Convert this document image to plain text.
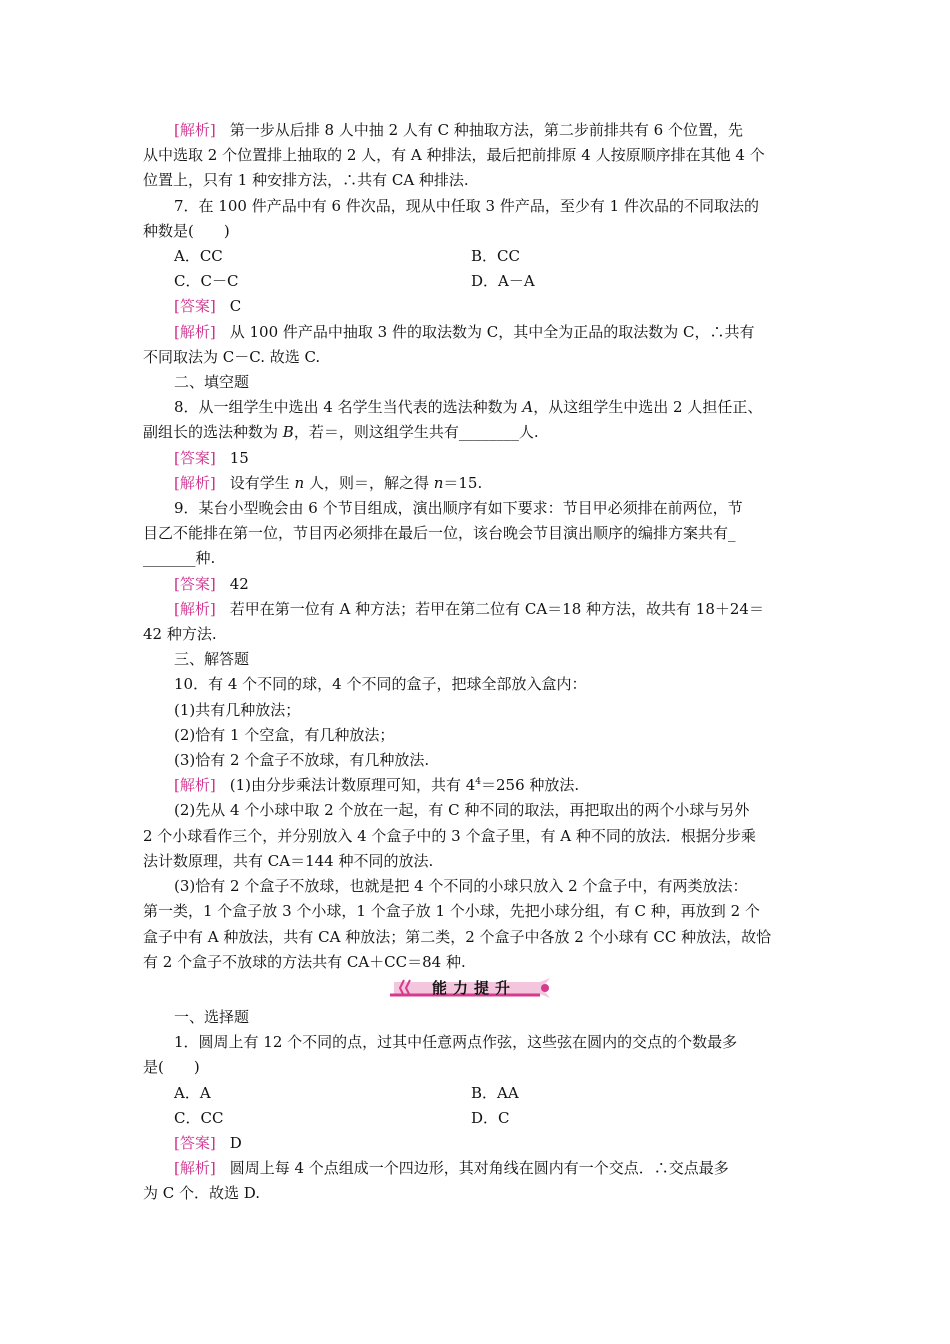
[解析] 第一步从后排 8 人中抽 2 人有 C 种抽取方法，第二步前排共有 6 个位置，先
从中选取 2 个位置排上抽取的 2 人，有 A 种排法，最后把前排原 4 人按原顺序排在其他 4 个
位置上，只有 1 种安排方法，∴共有 CA 种排法.
7．在 100 件产品中有 6 件次品，现从中任取 3 件产品，至少有 1 件次品的不同取法的
种数是(　　)
A．CC	B．CC
C．C－C	D．A－A
[答案] C
[解析] 从 100 件产品中抽取 3 件的取法数为 C，其中全为正品的取法数为 C，∴共有
不同取法为 C－C. 故选 C.
二、填空题
8．从一组学生中选出 4 名学生当代表的选法种数为 A，从这组学生中选出 2 人担任正、
副组长的选法种数为 B，若＝，则这组学生共有________人.
[答案] 15
[解析] 设有学生 n 人，则＝，解之得 n＝15.
9．某台小型晚会由 6 个节目组成，演出顺序有如下要求：节目甲必须排在前两位，节
目乙不能排在第一位，节目丙必须排在最后一位，该台晚会节目演出顺序的编排方案共有_
_______种.
[答案] 42
[解析] 若甲在第一位有 A 种方法；若甲在第二位有 CA＝18 种方法，故共有 18＋24＝
42 种方法.
三、解答题
10．有 4 个不同的球，4 个不同的盒子，把球全部放入盒内：
(1)共有几种放法；
(2)恰有 1 个空盒，有几种放法；
(3)恰有 2 个盒子不放球，有几种放法.
[解析] (1)由分步乘法计数原理可知，共有 $4^4=256$ 种放法.
(2)先从 4 个小球中取 2 个放在一起，有 C 种不同的取法，再把取出的两个小球与另外
2 个小球看作三个，并分别放入 4 个盒子中的 3 个盒子里，有 A 种不同的放法．根据分步乘
法计数原理，共有 CA＝144 种不同的放法.
(3)恰有 2 个盒子不放球，也就是把 4 个不同的小球只放入 2 个盒子中，有两类放法：
第一类，1 个盒子放 3 个小球，1 个盒子放 1 个小球，先把小球分组，有 C 种，再放到 2 个
盒子中有 A 种放法，共有 CA 种放法；第二类，2 个盒子中各放 2 个小球有 CC 种放法，故恰
有 2 个盒子不放球的方法共有 CA＋CC＝84 种.
能力提升
一、选择题
1．圆周上有 12 个不同的点，过其中任意两点作弦，这些弦在圆内的交点的个数最多
是(　　)
A．A	B．AA
C．CC	D．C
[答案] D
[解析] 圆周上每 4 个点组成一个四边形，其对角线在圆内有一个交点．∴交点最多
为 C 个．故选 D.
